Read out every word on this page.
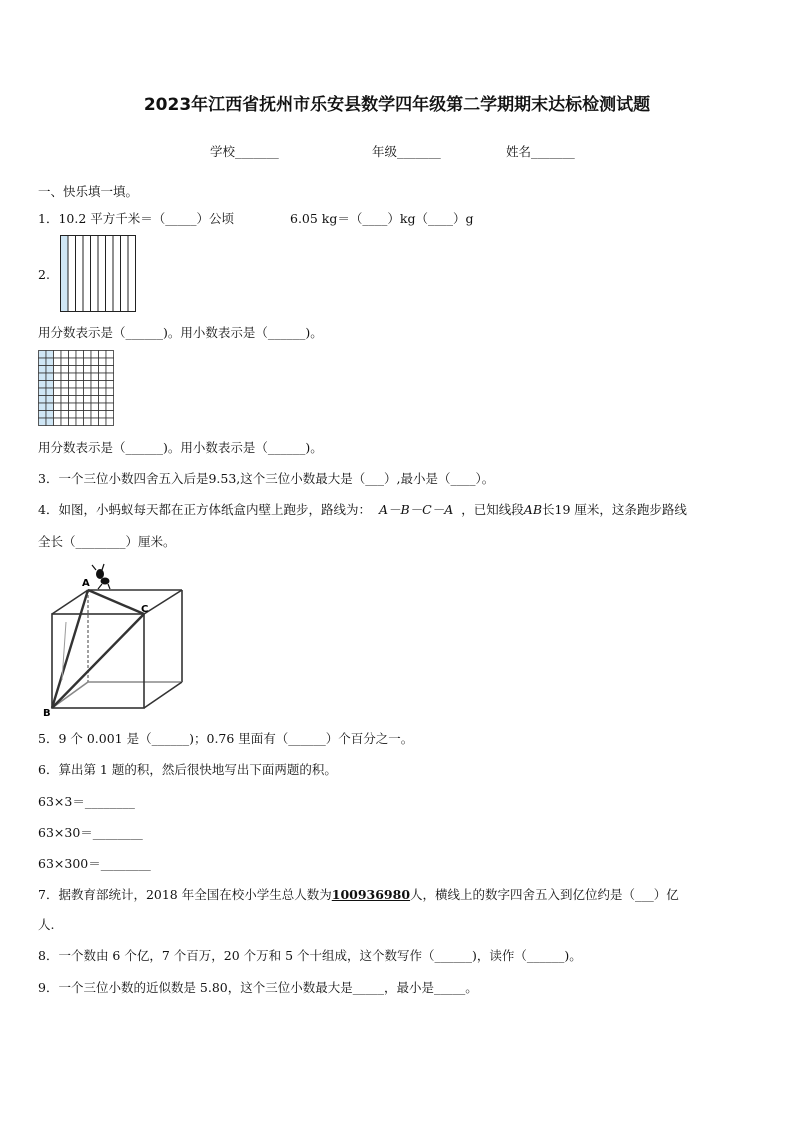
2023年江西省抚州市乐安县数学四年级第二学期期末达标检测试题
学校_______	年级_______	姓名_______
一、快乐填一填。
1．10.2 平方千米＝（_____）公顷	6.05 kg＝（____）kg（____）g
2.
用分数表示是（______)。用小数表示是（______)。
用分数表示是（______)。用小数表示是（______)。
3．一个三位小数四舍五入后是9.53,这个三位小数最大是（___）,最小是（____）。
4．如图，小蚂蚁每天都在正方体纸盒内壁上跑步，路线为： A－B－C－A ，已知线段AB长19 厘米，这条跑步路线
全长（________）厘米。
A
B
C
5．9 个 0.001 是（______)；0.76 里面有（______）个百分之一。
6．算出第 1 题的积，然后很快地写出下面两题的积。
63×3＝________
63×30＝________
63×300＝________
7．据教育部统计，2018 年全国在校小学生总人数为100936980人，横线上的数字四舍五入到亿位约是（___）亿
人.
8．一个数由 6 个亿，7 个百万，20 个万和 5 个十组成，这个数写作（______)，读作（______)。
9．一个三位小数的近似数是 5.80，这个三位小数最大是_____，最小是_____。
